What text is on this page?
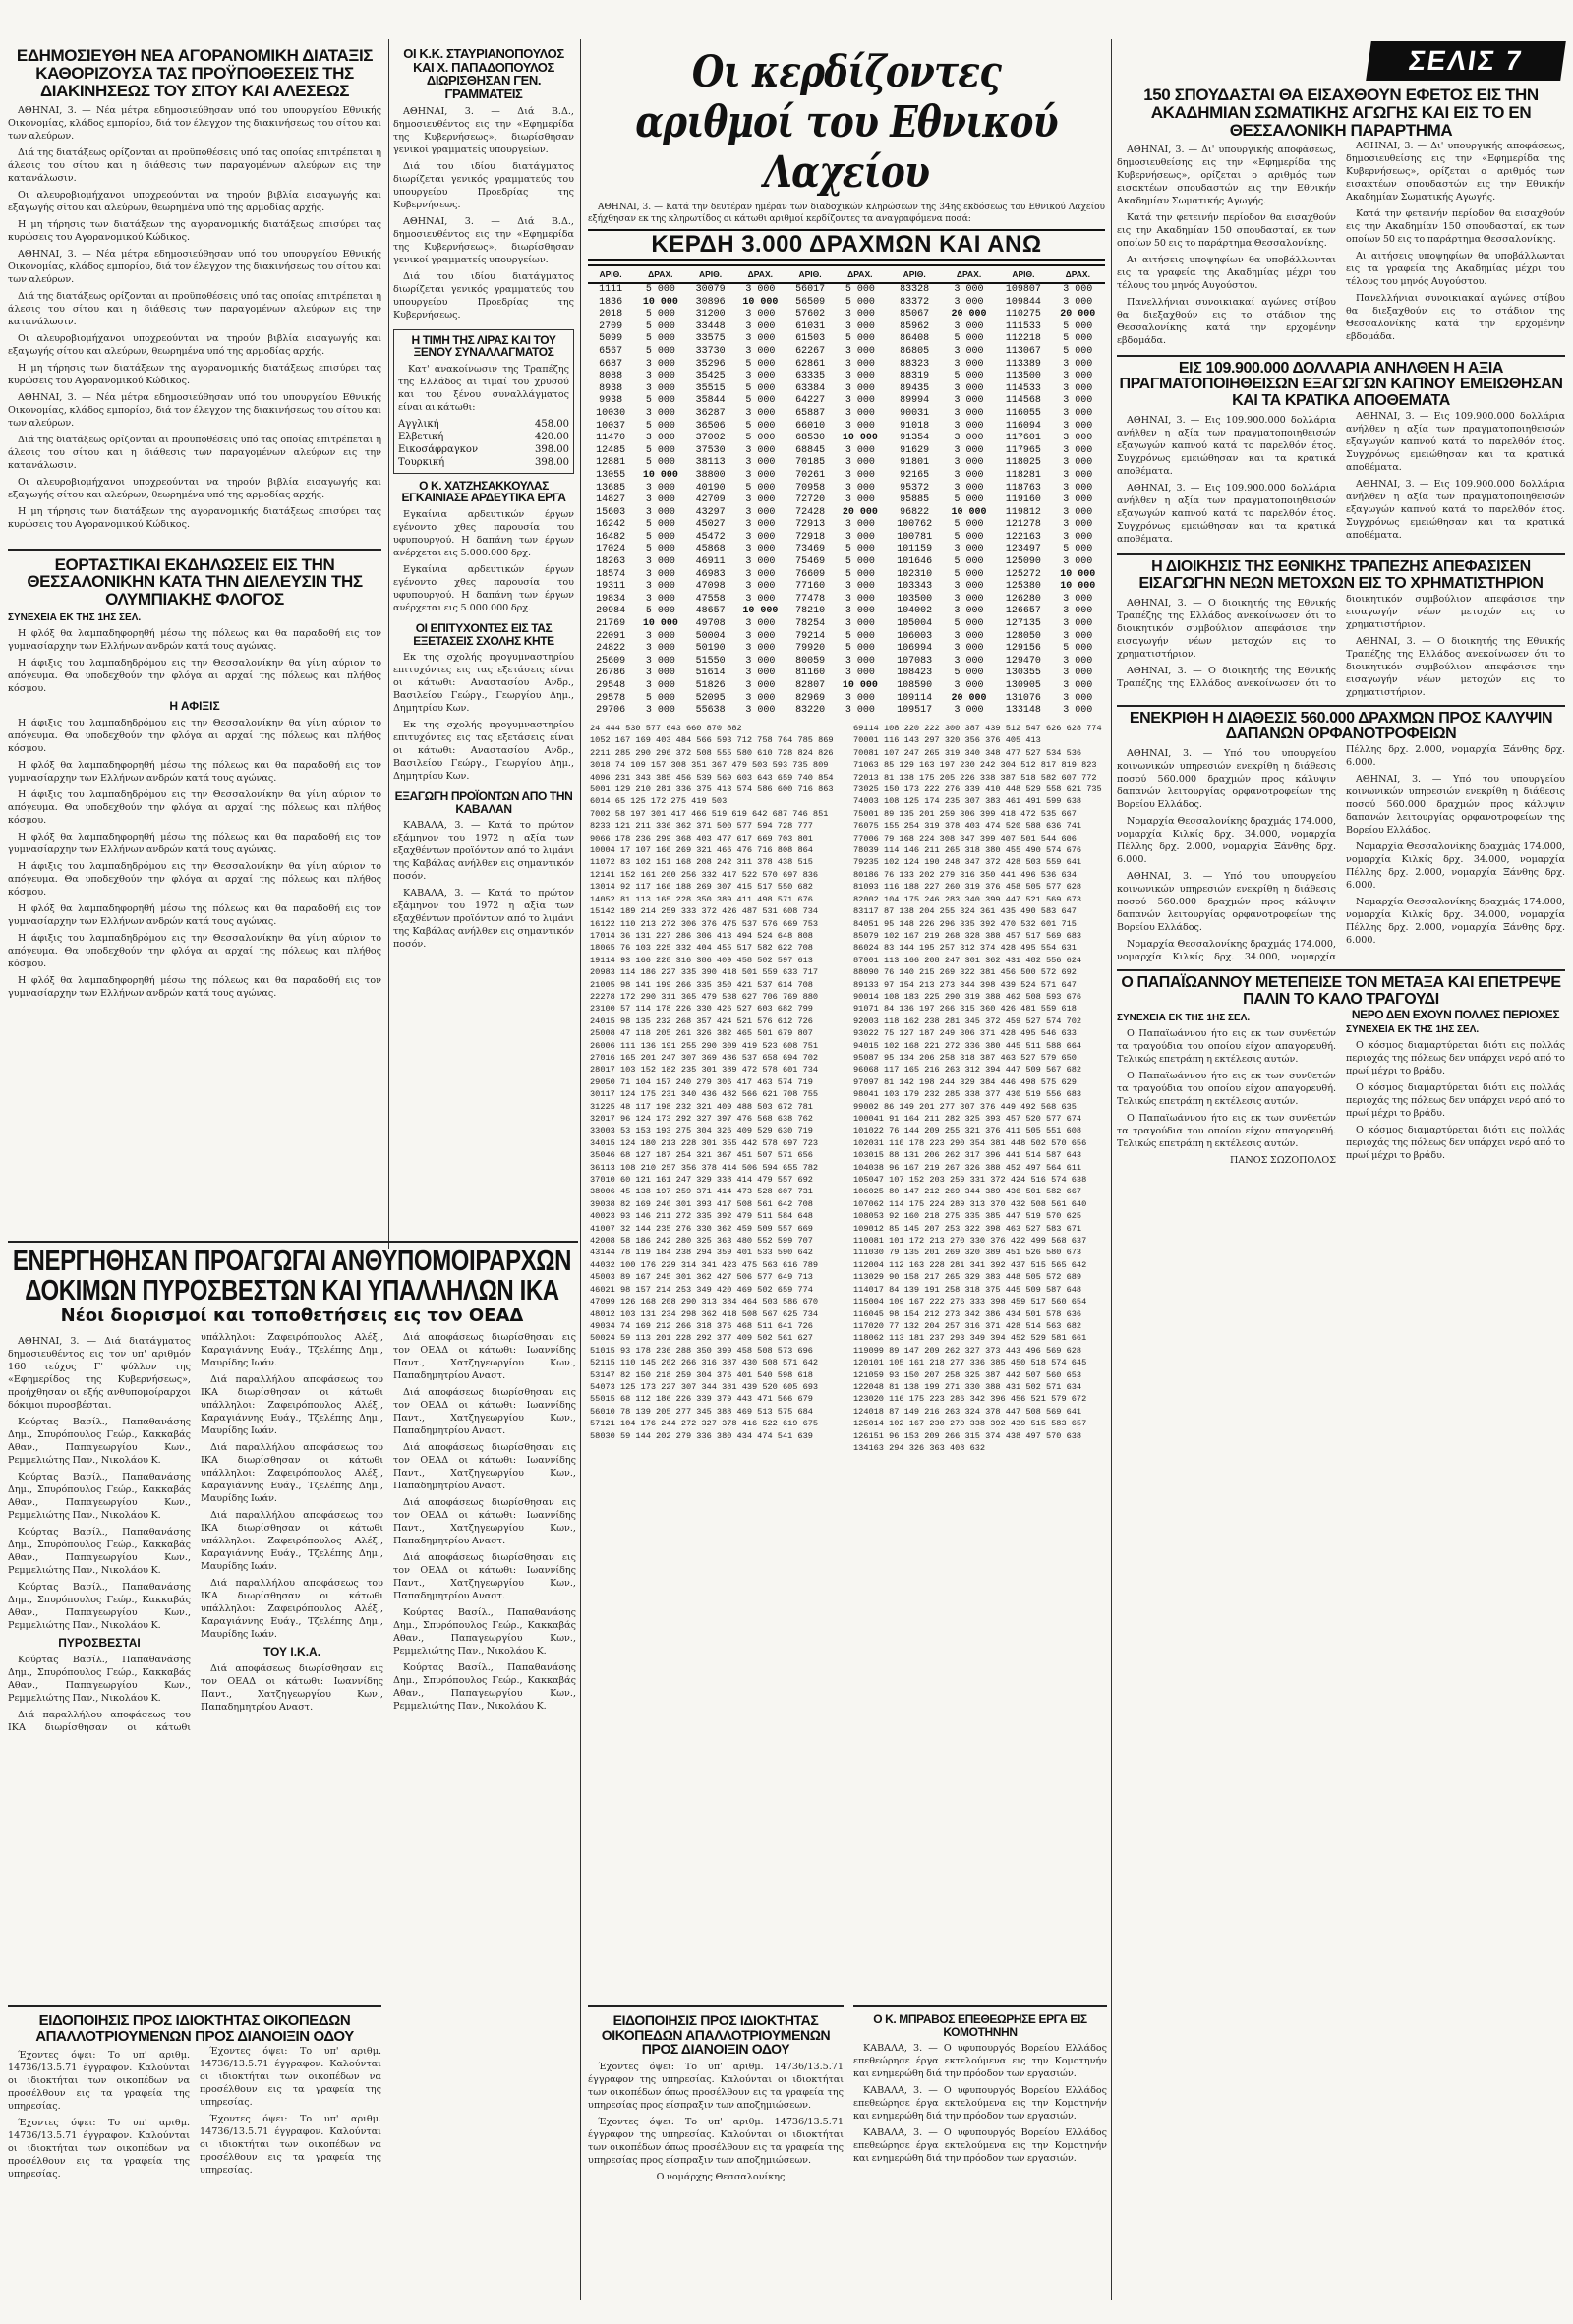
ΣΕΛΙΣ 7
ΕΔΗΜΟΣΙΕΥΘΗ ΝΕΑ ΑΓΟΡΑΝΟΜΙΚΗ ΔΙΑΤΑΞΙΣ ΚΑΘΟΡΙΖΟΥΣΑ ΤΑΣ ΠΡΟΫΠΟΘΕΣΕΙΣ ΤΗΣ ΔΙΑΚΙΝΗΣΕΩΣ ΤΟΥ ΣΙΤΟΥ ΚΑΙ ΑΛΕΣΕΩΣ

ΑΘΗΝΑΙ, 3. — Νέα μέτρα εδημοσιεύθησαν υπό του υπουργείου Εθνικής Οικονομίας, κλάδος εμπορίου, διά τον έλεγχον της διακινήσεως του σίτου και των αλεύρων.

Διά της διατάξεως ορίζονται αι προϋποθέσεις υπό τας οποίας επιτρέπεται η άλεσις του σίτου και η διάθεσις των παραγομένων αλεύρων εις την κατανάλωσιν.

Οι αλευροβιομήχανοι υποχρεούνται να τηρούν βιβλία εισαγωγής και εξαγωγής σίτου και αλεύρων, θεωρημένα υπό της αρμοδίας αρχής.

Η μη τήρησις των διατάξεων της αγορανομικής διατάξεως επισύρει τας κυρώσεις του Αγορανομικού Κώδικος.

ΑΘΗΝΑΙ, 3. — Νέα μέτρα εδημοσιεύθησαν υπό του υπουργείου Εθνικής Οικονομίας, κλάδος εμπορίου, διά τον έλεγχον της διακινήσεως του σίτου και των αλεύρων.

Διά της διατάξεως ορίζονται αι προϋποθέσεις υπό τας οποίας επιτρέπεται η άλεσις του σίτου και η διάθεσις των παραγομένων αλεύρων εις την κατανάλωσιν.

Οι αλευροβιομήχανοι υποχρεούνται να τηρούν βιβλία εισαγωγής και εξαγωγής σίτου και αλεύρων, θεωρημένα υπό της αρμοδίας αρχής.

Η μη τήρησις των διατάξεων της αγορανομικής διατάξεως επισύρει τας κυρώσεις του Αγορανομικού Κώδικος.

ΑΘΗΝΑΙ, 3. — Νέα μέτρα εδημοσιεύθησαν υπό του υπουργείου Εθνικής Οικονομίας, κλάδος εμπορίου, διά τον έλεγχον της διακινήσεως του σίτου και των αλεύρων.

Διά της διατάξεως ορίζονται αι προϋποθέσεις υπό τας οποίας επιτρέπεται η άλεσις του σίτου και η διάθεσις των παραγομένων αλεύρων εις την κατανάλωσιν.

Οι αλευροβιομήχανοι υποχρεούνται να τηρούν βιβλία εισαγωγής και εξαγωγής σίτου και αλεύρων, θεωρημένα υπό της αρμοδίας αρχής.

Η μη τήρησις των διατάξεων της αγορανομικής διατάξεως επισύρει τας κυρώσεις του Αγορανομικού Κώδικος.

ΕΟΡΤΑΣΤΙΚΑΙ ΕΚΔΗΛΩΣΕΙΣ ΕΙΣ ΤΗΝ ΘΕΣΣΑΛΟΝΙΚΗΝ ΚΑΤΑ ΤΗΝ ΔΙΕΛΕΥΣΙΝ ΤΗΣ ΟΛΥΜΠΙΑΚΗΣ ΦΛΟΓΟΣ
ΣΥΝΕΧΕΙΑ ΕΚ ΤΗΣ 1ΗΣ ΣΕΛ.

Η φλόξ θα λαμπαδηφορηθή μέσω της πόλεως και θα παραδοθή εις τον γυμνασίαρχην των Ελλήνων ανδρών κατά τους αγώνας.

Η άφιξις του λαμπαδηδρόμου εις την Θεσσαλονίκην θα γίνη αύριον το απόγευμα. Θα υποδεχθούν την φλόγα αι αρχαί της πόλεως και πλήθος κόσμου.

Η ΑΦΙΞΙΣ

Η άφιξις του λαμπαδηδρόμου εις την Θεσσαλονίκην θα γίνη αύριον το απόγευμα. Θα υποδεχθούν την φλόγα αι αρχαί της πόλεως και πλήθος κόσμου.

Η φλόξ θα λαμπαδηφορηθή μέσω της πόλεως και θα παραδοθή εις τον γυμνασίαρχην των Ελλήνων ανδρών κατά τους αγώνας.

Η άφιξις του λαμπαδηδρόμου εις την Θεσσαλονίκην θα γίνη αύριον το απόγευμα. Θα υποδεχθούν την φλόγα αι αρχαί της πόλεως και πλήθος κόσμου.

Η φλόξ θα λαμπαδηφορηθή μέσω της πόλεως και θα παραδοθή εις τον γυμνασίαρχην των Ελλήνων ανδρών κατά τους αγώνας.

Η άφιξις του λαμπαδηδρόμου εις την Θεσσαλονίκην θα γίνη αύριον το απόγευμα. Θα υποδεχθούν την φλόγα αι αρχαί της πόλεως και πλήθος κόσμου.

Η φλόξ θα λαμπαδηφορηθή μέσω της πόλεως και θα παραδοθή εις τον γυμνασίαρχην των Ελλήνων ανδρών κατά τους αγώνας.

Η άφιξις του λαμπαδηδρόμου εις την Θεσσαλονίκην θα γίνη αύριον το απόγευμα. Θα υποδεχθούν την φλόγα αι αρχαί της πόλεως και πλήθος κόσμου.

Η φλόξ θα λαμπαδηφορηθή μέσω της πόλεως και θα παραδοθή εις τον γυμνασίαρχην των Ελλήνων ανδρών κατά τους αγώνας.

ΟΙ Κ.Κ. ΣΤΑΥΡΙΑΝΟΠΟΥΛΟΣ ΚΑΙ Χ. ΠΑΠΑΔΟΠΟΥΛΟΣ ΔΙΩΡΙΣΘΗΣΑΝ ΓΕΝ. ΓΡΑΜΜΑΤΕΙΣ

ΑΘΗΝΑΙ, 3. — Διά Β.Δ., δημοσιευθέντος εις την «Εφημερίδα της Κυβερνήσεως», διωρίσθησαν γενικοί γραμματείς υπουργείων.

Διά του ιδίου διατάγματος διωρίζεται γενικός γραμματεύς του υπουργείου Προεδρίας της Κυβερνήσεως.

ΑΘΗΝΑΙ, 3. — Διά Β.Δ., δημοσιευθέντος εις την «Εφημερίδα της Κυβερνήσεως», διωρίσθησαν γενικοί γραμματείς υπουργείων.

Διά του ιδίου διατάγματος διωρίζεται γενικός γραμματεύς του υπουργείου Προεδρίας της Κυβερνήσεως.

Η ΤΙΜΗ ΤΗΣ ΛΙΡΑΣ ΚΑΙ ΤΟΥ ΞΕΝΟΥ ΣΥΝΑΛΛΑΓΜΑΤΟΣ

Κατ' ανακοίνωσιν της Τραπέζης της Ελλάδος αι τιμαί του χρυσού και του ξένου συναλλάγματος είναι αι κάτωθι:

Αγγλική	458.00
Ελβετική	420.00
Εικοσάφραγκον	398.00
Τουρκική	398.00
Ο Κ. ΧΑΤΖΗΣΑΚΚΟΥΛΑΣ ΕΓΚΑΙΝΙΑΣΕ ΑΡΔΕΥΤΙΚΑ ΕΡΓΑ

Εγκαίνια αρδευτικών έργων εγένοντο χθες παρουσία του υφυπουργού. Η δαπάνη των έργων ανέρχεται εις 5.000.000 δρχ.

Εγκαίνια αρδευτικών έργων εγένοντο χθες παρουσία του υφυπουργού. Η δαπάνη των έργων ανέρχεται εις 5.000.000 δρχ.

ΟΙ ΕΠΙΤΥΧΟΝΤΕΣ ΕΙΣ ΤΑΣ ΕΞΕΤΑΣΕΙΣ ΣΧΟΛΗΣ ΚΗΤΕ

Εκ της σχολής προγυμναστηρίου επιτυχόντες εις τας εξετάσεις είναι οι κάτωθι: Αναστασίου Ανδρ., Βασιλείου Γεώργ., Γεωργίου Δημ., Δημητρίου Κων.

Εκ της σχολής προγυμναστηρίου επιτυχόντες εις τας εξετάσεις είναι οι κάτωθι: Αναστασίου Ανδρ., Βασιλείου Γεώργ., Γεωργίου Δημ., Δημητρίου Κων.

ΕΞΑΓΩΓΗ ΠΡΟΪΟΝΤΩΝ ΑΠΟ ΤΗΝ ΚΑΒΑΛΑΝ

ΚΑΒΑΛΑ, 3. — Κατά το πρώτον εξάμηνον του 1972 η αξία των εξαχθέντων προϊόντων από το λιμάνι της Καβάλας ανήλθεν εις σημαντικόν ποσόν.

ΚΑΒΑΛΑ, 3. — Κατά το πρώτον εξάμηνον του 1972 η αξία των εξαχθέντων προϊόντων από το λιμάνι της Καβάλας ανήλθεν εις σημαντικόν ποσόν.

Οι κερδίζοντες αριθμοί του Εθνικού Λαχείου

ΑΘΗΝΑΙ, 3. — Κατά την δευτέραν ημέραν των διαδοχικών κληρώσεων της 34ης εκδόσεως του Εθνικού Λαχείου εξήχθησαν εκ της κληρωτίδος οι κάτωθι αριθμοί κερδίζοντες τα αναγραφόμενα ποσά:

ΚΕΡΔΗ 3.000 ΔΡΑΧΜΩΝ ΚΑΙ ΑΝΩ
ΑΡΙΘ.	ΔΡΑΧ.	ΑΡΙΘ.	ΔΡΑΧ.	ΑΡΙΘ.	ΔΡΑΧ.	ΑΡΙΘ.	ΔΡΑΧ.	ΑΡΙΘ.	ΔΡΑΧ.
1111	5 000	30079	3 000	56017	5 000	83328	3 000	109807	3 000
1836	10 000	30896	10 000	56509	5 000	83372	3 000	109844	3 000
2018	5 000	31200	3 000	57602	3 000	85067	20 000	110275	20 000
2709	5 000	33448	3 000	61031	3 000	85962	3 000	111533	5 000
5099	5 000	33575	3 000	61503	5 000	86408	5 000	112218	5 000
6567	5 000	33730	3 000	62267	3 000	86805	3 000	113067	5 000
6687	3 000	35296	5 000	62861	3 000	88323	3 000	113389	3 000
8088	3 000	35425	3 000	63335	3 000	88319	5 000	113500	3 000
8938	3 000	35515	5 000	63384	3 000	89435	3 000	114533	3 000
9938	5 000	35844	5 000	64227	3 000	89994	3 000	114568	3 000
10030	3 000	36287	3 000	65887	3 000	90031	3 000	116055	3 000
10037	5 000	36506	5 000	66010	3 000	91018	3 000	116094	3 000
11470	3 000	37002	5 000	68530	10 000	91354	3 000	117601	3 000
12485	5 000	37530	3 000	68845	3 000	91629	3 000	117965	3 000
12881	5 000	38113	3 000	70185	3 000	91801	3 000	118025	3 000
13055	10 000	38800	3 000	70261	3 000	92165	3 000	118281	3 000
13685	3 000	40190	5 000	70958	3 000	95372	3 000	118763	3 000
14827	3 000	42709	3 000	72720	3 000	95885	5 000	119160	3 000
15603	3 000	43297	3 000	72428	20 000	96822	10 000	119812	3 000
16242	5 000	45027	3 000	72913	3 000	100762	5 000	121278	3 000
16482	5 000	45472	3 000	72918	3 000	100781	5 000	122163	3 000
17024	5 000	45868	3 000	73469	5 000	101159	3 000	123497	5 000
18263	3 000	46911	3 000	75469	5 000	101646	5 000	125090	3 000
18574	3 000	46983	3 000	76609	5 000	102310	5 000	125272	10 000
19311	3 000	47098	3 000	77160	3 000	103343	3 000	125380	10 000
19834	3 000	47558	3 000	77478	3 000	103500	3 000	126280	3 000
20984	5 000	48657	10 000	78210	3 000	104002	3 000	126657	3 000
21769	10 000	49708	3 000	78254	3 000	105004	5 000	127135	3 000
22091	3 000	50004	3 000	79214	5 000	106003	3 000	128050	3 000
24822	3 000	50190	3 000	79920	5 000	106994	3 000	129156	5 000
25609	3 000	51550	3 000	80059	3 000	107083	3 000	129470	3 000
26786	3 000	51614	3 000	81160	3 000	108423	5 000	130355	3 000
29548	3 000	51826	3 000	82807	10 000	108590	3 000	130905	3 000
29578	5 000	52095	3 000	82969	3 000	109114	20 000	131076	3 000
29706	3 000	55638	3 000	83220	3 000	109517	3 000	133148	3 000
24 444 530 577 643 660 870 882
1052 167 169 403 484 566 593 712 758 764 785 869
2211 285 290 296 372 508 555 580 610 728 824 826
3018 74 109 157 308 351 367 479 503 593 735 809
4096 231 343 385 456 539 569 603 643 659 740 854
5001 129 210 281 336 375 413 574 586 600 716 863
6014 65 125 172 275 419 503
7002 58 197 301 417 466 519 619 642 687 746 851
8233 121 211 336 362 371 500 577 594 728 777
9066 178 236 299 368 403 477 617 669 703 801
10004 17 107 160 269 321 466 476 716 808 864
11072 83 102 151 168 208 242 311 378 438 515
12141 152 161 200 256 332 417 522 570 697 836
13014 92 117 166 188 269 307 415 517 550 682
14052 81 113 165 228 350 389 411 498 571 676
15142 189 214 259 333 372 426 487 531 608 734
16122 110 213 272 306 376 475 537 576 669 753
17014 36 131 227 286 306 413 494 524 648 808
18065 76 103 225 332 404 455 517 582 622 708
19114 93 166 228 316 386 409 458 502 597 613
20983 114 186 227 335 390 418 501 559 633 717
21005 98 141 199 266 335 350 421 537 614 708
22278 172 290 311 365 479 538 627 706 769 880
23100 57 114 178 226 330 426 527 603 682 799
24015 98 135 232 268 357 424 521 576 612 726
25008 47 118 205 261 326 382 465 501 679 807
26006 111 136 191 255 290 309 419 523 608 751
27016 165 201 247 307 369 486 537 658 694 702
28017 103 152 182 235 301 389 472 578 601 734
29050 71 104 157 240 279 306 417 463 574 719
30117 124 175 231 340 436 482 566 621 708 755
31225 48 117 198 232 321 409 488 503 672 781
32017 96 124 173 292 327 397 476 568 638 762
33003 53 153 193 275 304 326 409 529 630 719
34015 124 180 213 228 301 355 442 578 697 723
35046 68 127 187 254 321 367 451 507 571 656
36113 108 210 257 356 378 414 506 594 655 782
37010 60 121 161 247 329 338 414 479 557 692
38006 45 138 197 259 371 414 473 528 607 731
39038 82 169 240 301 393 417 508 561 642 708
40023 93 146 211 272 335 392 479 511 584 648
41007 32 144 235 276 330 362 459 509 557 669
42008 58 186 242 280 325 363 480 552 599 707
43144 78 119 184 238 294 359 401 533 590 642
44032 100 176 229 314 341 423 475 563 616 789
45003 89 167 245 301 362 427 506 577 649 713
46021 98 157 214 253 349 420 469 502 659 774
47099 126 168 208 290 313 384 464 503 586 670
48012 103 131 234 298 362 418 508 567 625 734
49034 74 169 212 266 318 376 468 511 641 726
50024 59 113 201 228 292 377 409 502 561 627
51015 93 178 236 288 350 399 458 508 573 696
52115 110 145 202 266 316 387 430 508 571 642
53147 82 150 218 259 304 376 401 540 598 618
54073 125 173 227 307 344 381 439 520 605 693
55015 68 112 186 226 339 379 443 471 566 679
56010 78 139 205 277 345 388 469 513 575 684
57121 104 176 244 272 327 378 416 522 619 675
58030 59 144 202 279 336 380 434 474 541 639
69114 108 220 222 300 387 439 512 547 626 628 774
70001 116 143 297 320 356 376 405 413
70081 107 247 265 319 340 348 477 527 534 536
71063 85 129 163 197 230 242 304 512 817 819 823
72013 81 138 175 205 226 338 387 518 582 607 772
73025 150 173 222 276 339 410 448 529 558 621 735
74003 108 125 174 235 307 383 461 491 599 638
75001 89 135 201 259 306 399 418 472 535 667
76075 155 254 319 378 403 474 520 588 636 741
77006 79 168 224 308 347 399 407 501 544 606
78039 114 146 211 265 318 380 455 490 574 676
79235 102 124 190 248 347 372 428 503 559 641
80186 76 133 202 279 316 350 441 496 536 634
81093 116 188 227 260 319 376 458 505 577 628
82002 104 175 246 283 340 399 447 521 569 673
83117 87 138 204 255 324 361 435 490 583 647
84051 95 148 226 296 335 392 470 532 601 715
85079 102 167 219 268 328 388 457 517 569 683
86024 83 144 195 257 312 374 428 495 554 631
87001 113 166 208 247 301 362 431 482 556 624
88090 76 140 215 269 322 381 456 500 572 692
89133 97 154 213 273 344 398 439 524 571 647
90014 108 183 225 290 319 388 462 508 593 676
91071 84 136 197 266 315 360 426 481 559 618
92003 118 162 238 281 345 372 459 527 574 702
93022 75 127 187 249 306 371 428 495 546 633
94015 102 168 221 272 336 380 445 511 588 664
95087 95 134 206 258 318 387 463 527 579 650
96068 117 165 216 263 312 394 447 509 567 682
97097 81 142 198 244 329 384 446 498 575 629
98041 103 179 232 285 338 377 430 519 556 683
99002 86 149 201 277 307 376 449 492 568 635
100041 91 164 211 282 325 393 457 520 577 674
101022 76 144 209 255 321 376 411 505 551 608
102031 110 178 223 290 354 381 448 502 570 656
103015 88 131 206 262 317 396 441 514 587 643
104038 96 167 219 267 326 388 452 497 564 611
105047 107 152 203 259 331 372 424 516 574 638
106025 80 147 212 269 344 389 436 501 582 667
107062 114 175 224 289 313 370 432 508 561 640
108053 92 160 218 275 335 385 447 519 570 625
109012 85 145 207 253 322 398 463 527 583 671
110081 101 172 213 270 330 376 422 499 568 637
111030 79 135 201 269 320 389 451 526 580 673
112004 112 163 228 281 341 392 437 515 565 642
113029 90 158 217 265 329 383 448 505 572 689
114017 84 139 191 258 318 375 445 509 587 648
115004 109 167 222 276 333 398 459 517 560 654
116045 98 154 212 273 342 386 434 501 578 636
117020 77 132 204 257 316 371 428 514 563 682
118062 113 181 237 293 349 394 452 529 581 661
119099 89 147 209 262 327 373 443 496 569 628
120101 105 161 218 277 336 385 450 518 574 645
121059 93 150 207 258 325 387 442 507 560 653
122048 81 138 199 271 330 388 431 502 571 634
123020 116 175 223 286 342 396 456 521 579 672
124018 87 149 216 263 324 378 447 508 569 641
125014 102 167 230 279 338 392 439 515 583 657
126151 96 153 209 266 315 374 438 497 570 638
134163 294 326 363 408 632
ΕΙΔΟΠΟΙΗΣΙΣ ΠΡΟΣ ΙΔΙΟΚΤΗΤΑΣ ΟΙΚΟΠΕΔΩΝ ΑΠΑΛΛΟΤΡΙΟΥΜΕΝΩΝ ΠΡΟΣ ΔΙΑΝΟΙΞΙΝ ΟΔΟΥ

Έχοντες όψει: Το υπ' αριθμ. 14736/13.5.71 έγγραφον της υπηρεσίας. Καλούνται οι ιδιοκτήται των οικοπέδων όπως προσέλθουν εις τα γραφεία της υπηρεσίας προς είσπραξιν των αποζημιώσεων.

Έχοντες όψει: Το υπ' αριθμ. 14736/13.5.71 έγγραφον της υπηρεσίας. Καλούνται οι ιδιοκτήται των οικοπέδων όπως προσέλθουν εις τα γραφεία της υπηρεσίας προς είσπραξιν των αποζημιώσεων.

Ο νομάρχης Θεσσαλονίκης

Ο Κ. ΜΠΡΑΒΟΣ ΕΠΕΘΕΩΡΗΣΕ ΕΡΓΑ ΕΙΣ ΚΟΜΟΤΗΝΗΝ

ΚΑΒΑΛΑ, 3. — Ο υφυπουργός Βορείου Ελλάδος επεθεώρησε έργα εκτελούμενα εις την Κομοτηνήν και ενημερώθη διά την πρόοδον των εργασιών.

ΚΑΒΑΛΑ, 3. — Ο υφυπουργός Βορείου Ελλάδος επεθεώρησε έργα εκτελούμενα εις την Κομοτηνήν και ενημερώθη διά την πρόοδον των εργασιών.

ΚΑΒΑΛΑ, 3. — Ο υφυπουργός Βορείου Ελλάδος επεθεώρησε έργα εκτελούμενα εις την Κομοτηνήν και ενημερώθη διά την πρόοδον των εργασιών.

150 ΣΠΟΥΔΑΣΤΑΙ ΘΑ ΕΙΣΑΧΘΟΥΝ ΕΦΕΤΟΣ ΕΙΣ ΤΗΝ ΑΚΑΔΗΜΙΑΝ ΣΩΜΑΤΙΚΗΣ ΑΓΩΓΗΣ ΚΑΙ ΕΙΣ ΤΟ ΕΝ ΘΕΣΣΑΛΟΝΙΚΗ ΠΑΡΑΡΤΗΜΑ

ΑΘΗΝΑΙ, 3. — Δι' υπουργικής αποφάσεως, δημοσιευθείσης εις την «Εφημερίδα της Κυβερνήσεως», ορίζεται ο αριθμός των εισακτέων σπουδαστών εις την Εθνικήν Ακαδημίαν Σωματικής Αγωγής.

Κατά την φετεινήν περίοδον θα εισαχθούν εις την Ακαδημίαν 150 σπουδασταί, εκ των οποίων 50 εις το παράρτημα Θεσσαλονίκης.

Αι αιτήσεις υποψηφίων θα υποβάλλωνται εις τα γραφεία της Ακαδημίας μέχρι του τέλους του μηνός Αυγούστου.

Πανελλήνιαι συνοικιακαί αγώνες στίβου θα διεξαχθούν εις το στάδιον της Θεσσαλονίκης κατά την ερχομένην εβδομάδα.

ΑΘΗΝΑΙ, 3. — Δι' υπουργικής αποφάσεως, δημοσιευθείσης εις την «Εφημερίδα της Κυβερνήσεως», ορίζεται ο αριθμός των εισακτέων σπουδαστών εις την Εθνικήν Ακαδημίαν Σωματικής Αγωγής.

Κατά την φετεινήν περίοδον θα εισαχθούν εις την Ακαδημίαν 150 σπουδασταί, εκ των οποίων 50 εις το παράρτημα Θεσσαλονίκης.

Αι αιτήσεις υποψηφίων θα υποβάλλωνται εις τα γραφεία της Ακαδημίας μέχρι του τέλους του μηνός Αυγούστου.

Πανελλήνιαι συνοικιακαί αγώνες στίβου θα διεξαχθούν εις το στάδιον της Θεσσαλονίκης κατά την ερχομένην εβδομάδα.

ΕΙΣ 109.900.000 ΔΟΛΛΑΡΙΑ ΑΝΗΛΘΕΝ Η ΑΞΙΑ ΠΡΑΓΜΑΤΟΠΟΙΗΘΕΙΣΩΝ ΕΞΑΓΩΓΩΝ ΚΑΠΝΟΥ ΕΜΕΙΩΘΗΣΑΝ ΚΑΙ ΤΑ ΚΡΑΤΙΚΑ ΑΠΟΘΕΜΑΤΑ

ΑΘΗΝΑΙ, 3. — Εις 109.900.000 δολλάρια ανήλθεν η αξία των πραγματοποιηθεισών εξαγωγών καπνού κατά το παρελθόν έτος. Συγχρόνως εμειώθησαν και τα κρατικά αποθέματα.

ΑΘΗΝΑΙ, 3. — Εις 109.900.000 δολλάρια ανήλθεν η αξία των πραγματοποιηθεισών εξαγωγών καπνού κατά το παρελθόν έτος. Συγχρόνως εμειώθησαν και τα κρατικά αποθέματα.

ΑΘΗΝΑΙ, 3. — Εις 109.900.000 δολλάρια ανήλθεν η αξία των πραγματοποιηθεισών εξαγωγών καπνού κατά το παρελθόν έτος. Συγχρόνως εμειώθησαν και τα κρατικά αποθέματα.

ΑΘΗΝΑΙ, 3. — Εις 109.900.000 δολλάρια ανήλθεν η αξία των πραγματοποιηθεισών εξαγωγών καπνού κατά το παρελθόν έτος. Συγχρόνως εμειώθησαν και τα κρατικά αποθέματα.

Η ΔΙΟΙΚΗΣΙΣ ΤΗΣ ΕΘΝΙΚΗΣ ΤΡΑΠΕΖΗΣ ΑΠΕΦΑΣΙΣΕΝ ΕΙΣΑΓΩΓΗΝ ΝΕΩΝ ΜΕΤΟΧΩΝ ΕΙΣ ΤΟ ΧΡΗΜΑΤΙΣΤΗΡΙΟΝ

ΑΘΗΝΑΙ, 3. — Ο διοικητής της Εθνικής Τραπέζης της Ελλάδος ανεκοίνωσεν ότι το διοικητικόν συμβούλιον απεφάσισε την εισαγωγήν νέων μετοχών εις το χρηματιστήριον.

ΑΘΗΝΑΙ, 3. — Ο διοικητής της Εθνικής Τραπέζης της Ελλάδος ανεκοίνωσεν ότι το διοικητικόν συμβούλιον απεφάσισε την εισαγωγήν νέων μετοχών εις το χρηματιστήριον.

ΑΘΗΝΑΙ, 3. — Ο διοικητής της Εθνικής Τραπέζης της Ελλάδος ανεκοίνωσεν ότι το διοικητικόν συμβούλιον απεφάσισε την εισαγωγήν νέων μετοχών εις το χρηματιστήριον.

ΕΝΕΚΡΙΘΗ Η ΔΙΑΘΕΣΙΣ 560.000 ΔΡΑΧΜΩΝ ΠΡΟΣ ΚΑΛΥΨΙΝ ΔΑΠΑΝΩΝ ΟΡΦΑΝΟΤΡΟΦΕΙΩΝ

ΑΘΗΝΑΙ, 3. — Υπό του υπουργείου κοινωνικών υπηρεσιών ενεκρίθη η διάθεσις ποσού 560.000 δραχμών προς κάλυψιν δαπανών λειτουργίας ορφανοτροφείων της Βορείου Ελλάδος.

Νομαρχία Θεσσαλονίκης δραχμάς 174.000, νομαρχία Κιλκίς δρχ. 34.000, νομαρχία Πέλλης δρχ. 2.000, νομαρχία Ξάνθης δρχ. 6.000.

ΑΘΗΝΑΙ, 3. — Υπό του υπουργείου κοινωνικών υπηρεσιών ενεκρίθη η διάθεσις ποσού 560.000 δραχμών προς κάλυψιν δαπανών λειτουργίας ορφανοτροφείων της Βορείου Ελλάδος.

Νομαρχία Θεσσαλονίκης δραχμάς 174.000, νομαρχία Κιλκίς δρχ. 34.000, νομαρχία Πέλλης δρχ. 2.000, νομαρχία Ξάνθης δρχ. 6.000.

ΑΘΗΝΑΙ, 3. — Υπό του υπουργείου κοινωνικών υπηρεσιών ενεκρίθη η διάθεσις ποσού 560.000 δραχμών προς κάλυψιν δαπανών λειτουργίας ορφανοτροφείων της Βορείου Ελλάδος.

Νομαρχία Θεσσαλονίκης δραχμάς 174.000, νομαρχία Κιλκίς δρχ. 34.000, νομαρχία Πέλλης δρχ. 2.000, νομαρχία Ξάνθης δρχ. 6.000.

Νομαρχία Θεσσαλονίκης δραχμάς 174.000, νομαρχία Κιλκίς δρχ. 34.000, νομαρχία Πέλλης δρχ. 2.000, νομαρχία Ξάνθης δρχ. 6.000.

Ο ΠΑΠΑΪΩΑΝΝΟΥ ΜΕΤΕΠΕΙΣΕ ΤΟΝ ΜΕΤΑΞΑ ΚΑΙ ΕΠΕΤΡΕΨΕ ΠΑΛΙΝ ΤΟ ΚΑΛΟ ΤΡΑΓΟΥΔΙ
ΣΥΝΕΧΕΙΑ ΕΚ ΤΗΣ 1ΗΣ ΣΕΛ.

Ο Παπαϊωάννου ήτο εις εκ των συνθετών τα τραγούδια του οποίου είχον απαγορευθή. Τελικώς επετράπη η εκτέλεσις αυτών.

Ο Παπαϊωάννου ήτο εις εκ των συνθετών τα τραγούδια του οποίου είχον απαγορευθή. Τελικώς επετράπη η εκτέλεσις αυτών.

Ο Παπαϊωάννου ήτο εις εκ των συνθετών τα τραγούδια του οποίου είχον απαγορευθή. Τελικώς επετράπη η εκτέλεσις αυτών.

ΠΑΝΟΣ ΣΩΖΟΠΟΛΟΣ

ΝΕΡΟ ΔΕΝ ΕΧΟΥΝ ΠΟΛΛΕΣ ΠΕΡΙΟΧΕΣ
ΣΥΝΕΧΕΙΑ ΕΚ ΤΗΣ 1ΗΣ ΣΕΛ.

Ο κόσμος διαμαρτύρεται διότι εις πολλάς περιοχάς της πόλεως δεν υπάρχει νερό από το πρωί μέχρι το βράδυ.

Ο κόσμος διαμαρτύρεται διότι εις πολλάς περιοχάς της πόλεως δεν υπάρχει νερό από το πρωί μέχρι το βράδυ.

Ο κόσμος διαμαρτύρεται διότι εις πολλάς περιοχάς της πόλεως δεν υπάρχει νερό από το πρωί μέχρι το βράδυ.

ΕΝΕΡΓΗΘΗΣΑΝ ΠΡΟΑΓΩΓΑΙ ΑΝΘΥΠΟΜΟΙΡΑΡΧΩΝ ΔΟΚΙΜΩΝ ΠΥΡΟΣΒΕΣΤΩΝ ΚΑΙ ΥΠΑΛΛΗΛΩΝ ΙΚΑ
Νέοι διορισμοί και τοποθετήσεις εις τον ΟΕΑΔ

ΑΘΗΝΑΙ, 3. — Διά διατάγματος δημοσιευθέντος εις τον υπ' αριθμόν 160 τεύχος Γ' φύλλον της «Εφημερίδος της Κυβερνήσεως», προήχθησαν οι εξής ανθυπομοίραρχοι δόκιμοι πυροσβέσται.

Κούρτας Βασίλ., Παπαθανάσης Δημ., Σπυρόπουλος Γεώρ., Κακκαβάς Αθαν., Παπαγεωργίου Κων., Ρεμμελιώτης Παν., Νικολάου Κ.

Κούρτας Βασίλ., Παπαθανάσης Δημ., Σπυρόπουλος Γεώρ., Κακκαβάς Αθαν., Παπαγεωργίου Κων., Ρεμμελιώτης Παν., Νικολάου Κ.

Κούρτας Βασίλ., Παπαθανάσης Δημ., Σπυρόπουλος Γεώρ., Κακκαβάς Αθαν., Παπαγεωργίου Κων., Ρεμμελιώτης Παν., Νικολάου Κ.

Κούρτας Βασίλ., Παπαθανάσης Δημ., Σπυρόπουλος Γεώρ., Κακκαβάς Αθαν., Παπαγεωργίου Κων., Ρεμμελιώτης Παν., Νικολάου Κ.

ΠΥΡΟΣΒΕΣΤΑΙ

Κούρτας Βασίλ., Παπαθανάσης Δημ., Σπυρόπουλος Γεώρ., Κακκαβάς Αθαν., Παπαγεωργίου Κων., Ρεμμελιώτης Παν., Νικολάου Κ.

Διά παραλλήλου αποφάσεως του ΙΚΑ διωρίσθησαν οι κάτωθι υπάλληλοι: Ζαφειρόπουλος Αλέξ., Καραγιάννης Ευάγ., Τζελέπης Δημ., Μαυρίδης Ιωάν.

Διά παραλλήλου αποφάσεως του ΙΚΑ διωρίσθησαν οι κάτωθι υπάλληλοι: Ζαφειρόπουλος Αλέξ., Καραγιάννης Ευάγ., Τζελέπης Δημ., Μαυρίδης Ιωάν.

Διά παραλλήλου αποφάσεως του ΙΚΑ διωρίσθησαν οι κάτωθι υπάλληλοι: Ζαφειρόπουλος Αλέξ., Καραγιάννης Ευάγ., Τζελέπης Δημ., Μαυρίδης Ιωάν.

Διά παραλλήλου αποφάσεως του ΙΚΑ διωρίσθησαν οι κάτωθι υπάλληλοι: Ζαφειρόπουλος Αλέξ., Καραγιάννης Ευάγ., Τζελέπης Δημ., Μαυρίδης Ιωάν.

Διά παραλλήλου αποφάσεως του ΙΚΑ διωρίσθησαν οι κάτωθι υπάλληλοι: Ζαφειρόπουλος Αλέξ., Καραγιάννης Ευάγ., Τζελέπης Δημ., Μαυρίδης Ιωάν.

ΤΟΥ Ι.Κ.Α.

Διά αποφάσεως διωρίσθησαν εις τον ΟΕΑΔ οι κάτωθι: Ιωαννίδης Παντ., Χατζηγεωργίου Κων., Παπαδημητρίου Αναστ.

Διά αποφάσεως διωρίσθησαν εις τον ΟΕΑΔ οι κάτωθι: Ιωαννίδης Παντ., Χατζηγεωργίου Κων., Παπαδημητρίου Αναστ.

Διά αποφάσεως διωρίσθησαν εις τον ΟΕΑΔ οι κάτωθι: Ιωαννίδης Παντ., Χατζηγεωργίου Κων., Παπαδημητρίου Αναστ.

Διά αποφάσεως διωρίσθησαν εις τον ΟΕΑΔ οι κάτωθι: Ιωαννίδης Παντ., Χατζηγεωργίου Κων., Παπαδημητρίου Αναστ.

Διά αποφάσεως διωρίσθησαν εις τον ΟΕΑΔ οι κάτωθι: Ιωαννίδης Παντ., Χατζηγεωργίου Κων., Παπαδημητρίου Αναστ.

Διά αποφάσεως διωρίσθησαν εις τον ΟΕΑΔ οι κάτωθι: Ιωαννίδης Παντ., Χατζηγεωργίου Κων., Παπαδημητρίου Αναστ.

Κούρτας Βασίλ., Παπαθανάσης Δημ., Σπυρόπουλος Γεώρ., Κακκαβάς Αθαν., Παπαγεωργίου Κων., Ρεμμελιώτης Παν., Νικολάου Κ.

Κούρτας Βασίλ., Παπαθανάσης Δημ., Σπυρόπουλος Γεώρ., Κακκαβάς Αθαν., Παπαγεωργίου Κων., Ρεμμελιώτης Παν., Νικολάου Κ.

ΕΙΔΟΠΟΙΗΣΙΣ ΠΡΟΣ ΙΔΙΟΚΤΗΤΑΣ ΟΙΚΟΠΕΔΩΝ ΑΠΑΛΛΟΤΡΙΟΥΜΕΝΩΝ ΠΡΟΣ ΔΙΑΝΟΙΞΙΝ ΟΔΟΥ

Έχοντες όψει: Το υπ' αριθμ. 14736/13.5.71 έγγραφον. Καλούνται οι ιδιοκτήται των οικοπέδων να προσέλθουν εις τα γραφεία της υπηρεσίας.

Έχοντες όψει: Το υπ' αριθμ. 14736/13.5.71 έγγραφον. Καλούνται οι ιδιοκτήται των οικοπέδων να προσέλθουν εις τα γραφεία της υπηρεσίας.

Έχοντες όψει: Το υπ' αριθμ. 14736/13.5.71 έγγραφον. Καλούνται οι ιδιοκτήται των οικοπέδων να προσέλθουν εις τα γραφεία της υπηρεσίας.

Έχοντες όψει: Το υπ' αριθμ. 14736/13.5.71 έγγραφον. Καλούνται οι ιδιοκτήται των οικοπέδων να προσέλθουν εις τα γραφεία της υπηρεσίας.
